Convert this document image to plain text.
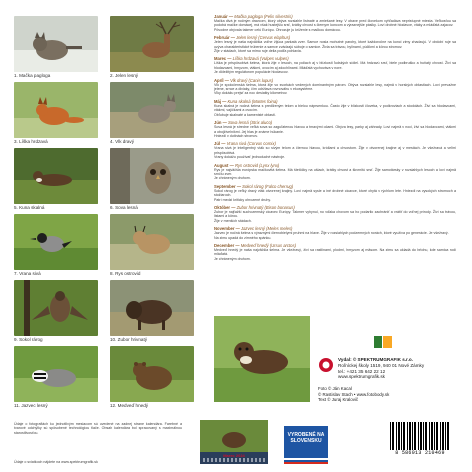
1. Mačka pagloga	2. Jelen lesný
3. Líška hrdzavá	4. Vlk dravý
5. Kuna skalná	6. Sova lesná
7. Vrana sivá	8. Rys ostrovid
9. Sokol rárog	10. Zubor hrivnatý
11. Jazvec lesný	12. Medveď hnedý
Január — Mačka pagloga (Felis silvestris)
Mačka divá je nočným dravcom, ktorý obýva rozsiahle listnaté a zmiešané lesy. V obave pred človekom vyhľadáva nepristupné miesta. Veľkosťou sa podobá mačke domácej, má však hustejšiu srsť, krátky chvost s čiernym koncom a výraznejšie pásiky. Loví drobné hlodavce, vtáky a mláďatá zajacov.
Pôvodne obývala takmer celú Európu. Ohrozuje ju kríženie s mačkou domácou.
Február — Jelen lesný (Cervus elaphus)
Jelen lesný je naša najväčšia voľne žijúca parkatá zver. Samce nosia mohutné parohy, ktoré každoročne na konci zimy zhadzujú. V období ruje sa ozýva charakteristické trúbenie a samce zvádzajú súboje o samice. Živia sa trávou, bylinami, púčikmi a kôrou stromov.
Žije v stádach, ktoré sa mimo ruje delia podľa pohlavia.
Marec — Líška hrdzavá (Vulpes vulpes)
Líška je prispôsobivá šelma, ktorá žije v lesoch, na poliach aj v blízkosti ľudských sídiel. Má hrdzavú srsť, biele podbruško a huňatý chvost. Živí sa hlodavcami, hmyzom, vtákmi, ovocím aj zdochlinami. Mláďatá vychováva v nore.
Je dôležitým regulátorom populácie hlodavcov.
Apríl — Vlk dravý (Canis lupus)
Vlk je spoločenská šelma, ktorá žije vo svorkách vedených dominantným párom. Obýva rozsiahle lesy, najmä v horských oblastiach. Loví prevažne jelene, srnce a diviaky, čím udržiava rovnováhu v ekosystéme.
Vlky dokážu prejsť za noc desiatky kilometrov.
Máj — Kuna skalná (Martes foina)
Kuna skalná je nočná šelma s predĺženým telom a bielou náprsenkou. Často žije v blízkosti človeka, v podkroviach a stodolách. Živí sa hlodavcami, vtákmi, vajíčkami a ovocím.
Obľubuje skalnaté a kamenisté oblasti.
Jún — Sova lesná (Strix aluco)
Sova lesná je stredne veľká sova so zaguľatenou hlavou a tmavými očami. Obýva lesy, parky aj záhrady. Loví najmä v noci, živí sa hlodavcami, vtákmi a obojživelníkmi. Jej hlas je známe húkanie.
Hniezdi v dutinách stromov.
Júl — Vrana sivá (Corvus cornix)
Vrana sivá je inteligentný vták so sivým telom a čiernou hlavou, krídlami a chvostom. Žije v otvorenej krajine aj v mestách. Je všežravá a veľmi prispôsobivá.
Vrany dokážu používať jednoduché nástroje.
August — Rys ostrovid (Lynx lynx)
Rys je najväčšia európska mačkovitá šelma. Má štetôčky na ušiach, krátky chvost a škvrnitú srsť. Žije samotársky v rozsiahlych lesoch a loví najmä srnčiu zver.
Je chráneným druhom.
September — Sokol rárog (Falco cherrug)
Sokol rárog je veľký dravý vták otvorenej krajiny. Loví najmä sysle a iné drobné cicavce, ktoré chytá v rýchlom lete. Hniezdi na vysokých stromoch a stožiaroch.
Patrí medzi kriticky ohrozené druhy.
Október — Zubor hrivnatý (Bison bonasus)
Zubor je najťažší suchozemský cicavec Európy. Takmer vyhynul, no vďaka chovom sa ho podarilo zachrániť a vrátiť do voľnej prírody. Živí sa trávou, listami a kôrou.
Žije v menších stádach.
November — Jazvec lesný (Meles meles)
Jazvec je nočná šelma s výraznými čiernobielymi pruhmi na hlave. Žije v rozsiahlych podzemných norách, ktoré využíva po generácie. Je všežravý.
Na zimu upadá do zimného spánku.
December — Medveď hnedý (Ursus arctos)
Medveď hnedý je naša najväčšia šelma. Je všežravý, živí sa rastlinami, plodmi, hmyzom aj mäsom. Na zimu sa ukladá do brlohu, kde samica rodí mláďatá.
Je chráneným druhom.
Vydal: © SPEKTRUMGRAFIK s.r.o.
Roľníckej školy 1519, 940 01 Nové Zámky
tel.: +421 35 642 22 12
www.spektrumgrafik.sk
Foto © Ján Kacal
© Rastislav Stach • www.fotobody.sk
Text © Juraj Kralovič
Údaje o fotografiách ku jednotlivým mesiacom sú uvedené na zadnej strane kalendára. Farebné a tvarové odchýlky sú spôsobené technológiou tlače. Obsah kalendára bol spracovaný s maximálnou starostlivosťou.
Údaje o sviatkoch nájdete na www.spektrumgrafik.sk
Marec 2024
VYROBENÉ NA SLOVENSKU
8 586013 210469
